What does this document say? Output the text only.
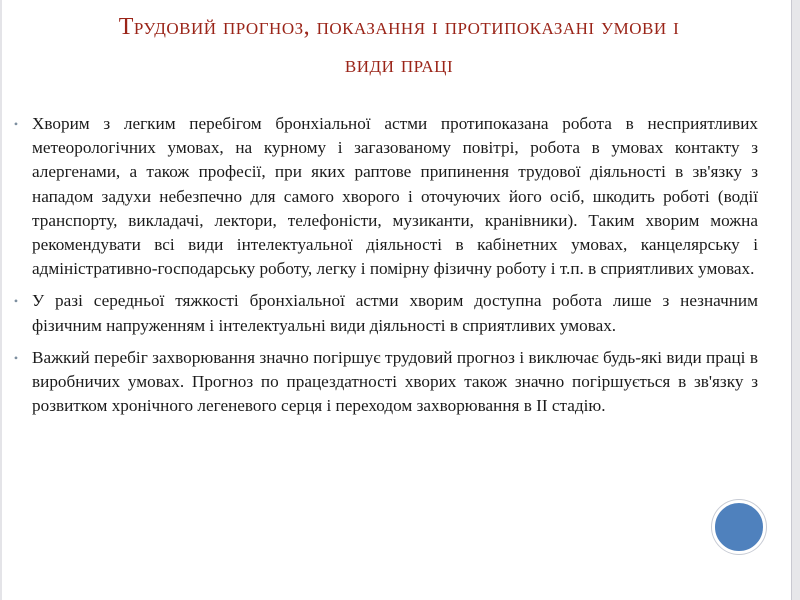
Трудовий прогноз, показання і протипоказані умови і
види праці
• Хворим з легким перебігом бронхіальної астми протипоказана робота в несприятливих метеорологічних умовах, на курному і загазованому повітрі, робота в умовах контакту з алергенами, а також професії, при яких раптове припинення трудової діяльності в зв'язку з нападом задухи небезпечно для самого хворого і оточуючих його осіб, шкодить роботі (водії транспорту, викладачі, лектори, телефоністи, музиканти, кранівники). Таким хворим можна рекомендувати всі види інтелектуальної діяльності в кабінетних умовах, канцелярську і адміністративно-господарську роботу, легку і помірну фізичну роботу і т.п. в сприятливих умовах.
• У разі середньої тяжкості бронхіальної астми хворим доступна робота лише з незначним фізичним напруженням і інтелектуальні види діяльності в сприятливих умовах.
• Важкий перебіг захворювання значно погіршує трудовий прогноз і виключає будь-які види праці в виробничих умовах. Прогноз по працездатності хворих також значно погіршується в зв'язку з розвитком хронічного легеневого серця і переходом захворювання в II стадію.
